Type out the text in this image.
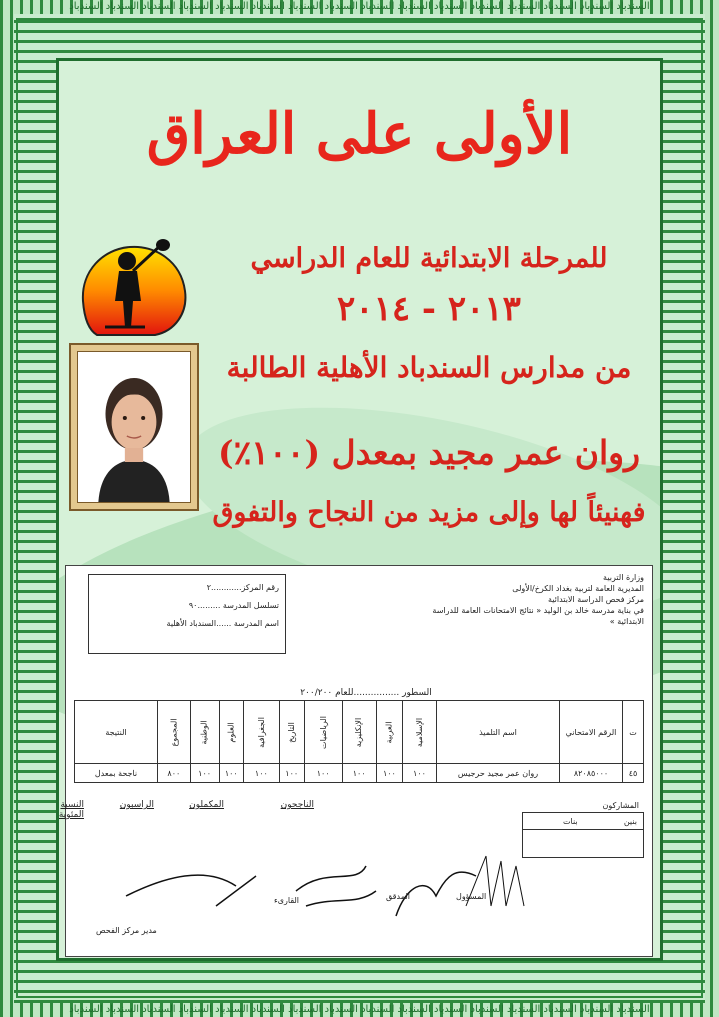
السندباد السندباد السندباد السندباد السندباد السندباد السندباد السندباد السندباد السندباد السندباد السندباد السندباد السندباد السندباد السندباد
السندباد السندباد السندباد السندباد السندباد السندباد السندباد السندباد السندباد السندباد السندباد السندباد السندباد السندباد السندباد السندباد
الأولى على العراق
للمرحلة الابتدائية للعام الدراسي
٢٠١٣ - ٢٠١٤
من مدارس السندباد الأهلية الطالبة
روان عمر مجيد بمعدل (١٠٠٪)
فهنيئاً لها وإلى مزيد من النجاح والتفوق
وزارة التربية
المديرية العامة لتربية بغداد الكرخ/الأولى
مركز فحص الدراسة الابتدائية
في بناية مدرسة خالد بن الوليد « نتائج الامتحانات العامة للدراسة الابتدائية »
رقم المركز............٢
تسلسل المدرسة .........٩٠
اسم المدرسة ......السندباد الأهلية
السطور ................للعام ٢٠٠/٢٠٠
ت	الرقم الامتحاني	اسم التلميذ	الإسلامية	العربية	الإنكليزية	الرياضيات	التاريخ	الجغرافية	العلوم	الوطنية	المجموع	النتيجة
٤٥	٨٢٠٨٥٠٠٠	روان عمر مجيد حرجيس	١٠٠	١٠٠	١٠٠	١٠٠	١٠٠	١٠٠	١٠٠	١٠٠	٨٠٠	ناجحة بمعدل
الناجحون
المكملون
الراسبون
النسبة المئوية
المشاركون
بنين
بنات
القارىء	المدقق	المسؤول
مدير مركز الفحص
